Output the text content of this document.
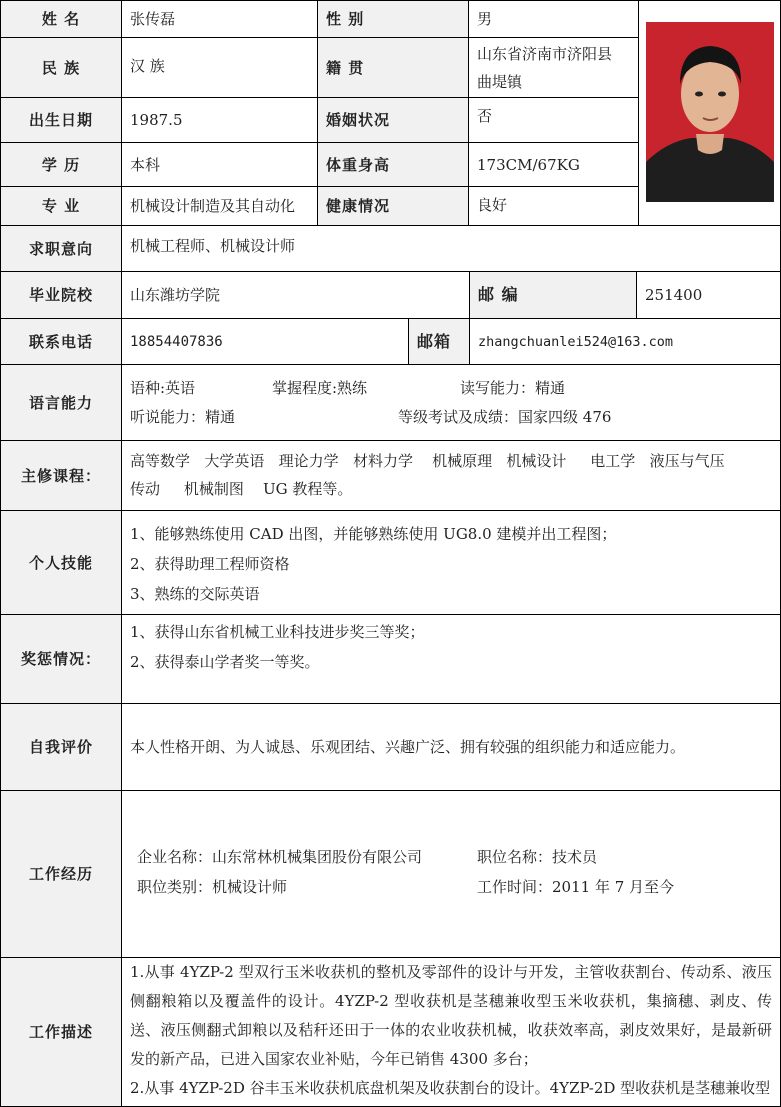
姓 名	张传磊	性 别	男
民 族	汉 族	籍 贯
山东省济南市济阳县
曲堤镇
出生日期 1987.5	婚姻状况	否
学 历	本科	体重身高	173CM/67KG
专 业	机械设计制造及其自动化 健康情况	良好
求职意向 机械工程师、机械设计师
毕业院校 山东潍坊学院	邮 编	251400
联系电话	18854407836	邮箱 zhangchuanlei524@163.com
语言能力
语种:英语	掌握程度:熟练	读写能力：精通
听说能力：精通	等级考试及成绩：国家四级 476
主修课程：
高等数学 大学英语 理论力学 材料力学 机械原理 机械设计 电工学 液压与气压
传动 机械制图 UG 教程等。
个人技能
1、能够熟练使用 CAD 出图，并能够熟练使用 UG8.0 建模并出工程图；
2、获得助理工程师资格
3、熟练的交际英语
奖惩情况：
1、获得山东省机械工业科技进步奖三等奖；
2、获得泰山学者奖一等奖。
自我评价 本人性格开朗、为人诚恳、乐观团结、兴趣广泛、拥有较强的组织能力和适应能力。
工作经历
企业名称：山东常林机械集团股份有限公司	职位名称：技术员
职位类别：机械设计师	工作时间：2011 年 7 月至今
工作描述
1.从事 4YZP-2 型双行玉米收获机的整机及零部件的设计与开发，主管收获割台、传动系、液压侧翻粮箱以及覆盖件的设计。4YZP-2 型收获机是茎穗兼收型玉米收获机，集摘穗、剥皮、传送、液压侧翻式卸粮以及秸秆还田于一体的农业收获机械，收获效率高，剥皮效果好，是最新研发的新产品，已进入国家农业补贴，今年已销售 4300 多台；
2.从事 4YZP-2D 谷丰玉米收获机底盘机架及收获割台的设计。4YZP-2D 型收获机是茎穗兼收型
